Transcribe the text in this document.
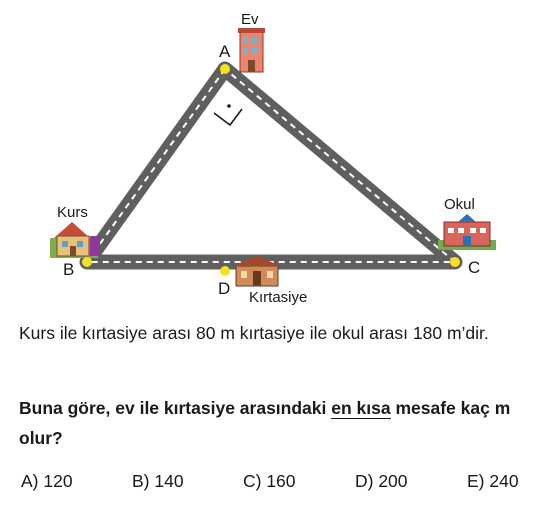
A
B	C
D
Ev
Kurs	Okul
Kırtasiye

Kurs ile kırtasiye arası 80 m kırtasiye ile okul arası 180 m’dir.

Buna göre, ev ile kırtasiye arasındaki en kısa mesafe kaç m olur?

A) 120	B) 140	C) 160	D) 200	E) 240
